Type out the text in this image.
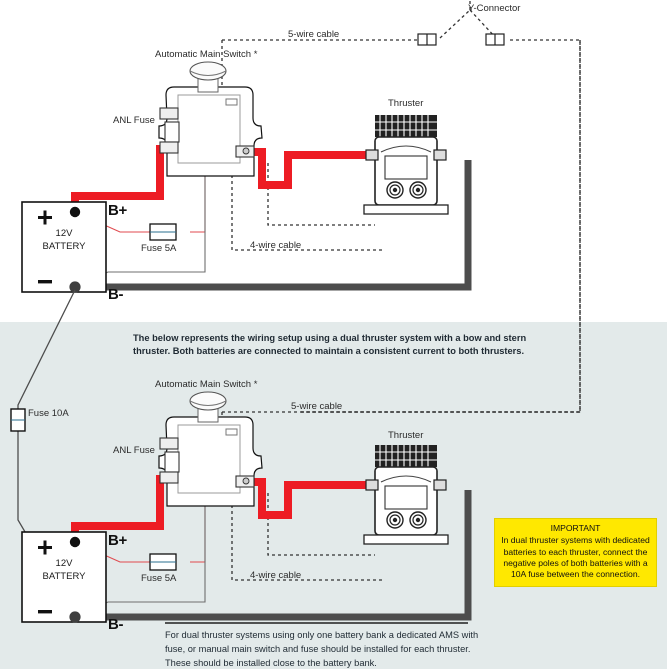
Y-Connector
5-wire cable
Automatic Main Switch *
ANL Fuse
Thruster
Fuse 5A	4-wire cable
12V
BATTERY
B+
B-
The below represents the wiring setup using a dual thruster system with a bow and stern thruster. Both batteries are connected to maintain a consistent current to both thrusters.
Fuse 10A
Automatic Main Switch *
ANL Fuse
5-wire cable
Thruster
Fuse 5A	4-wire cable
12V
BATTERY
B+
B-
IMPORTANT
In dual thruster systems with dedicated batteries to each thruster, connect the negative poles of both batteries with a 10A fuse between the connection.
For dual thruster systems using only one battery bank a dedicated AMS with fuse, or manual main switch and fuse should be installed for each thruster. These should be installed close to the battery bank.
